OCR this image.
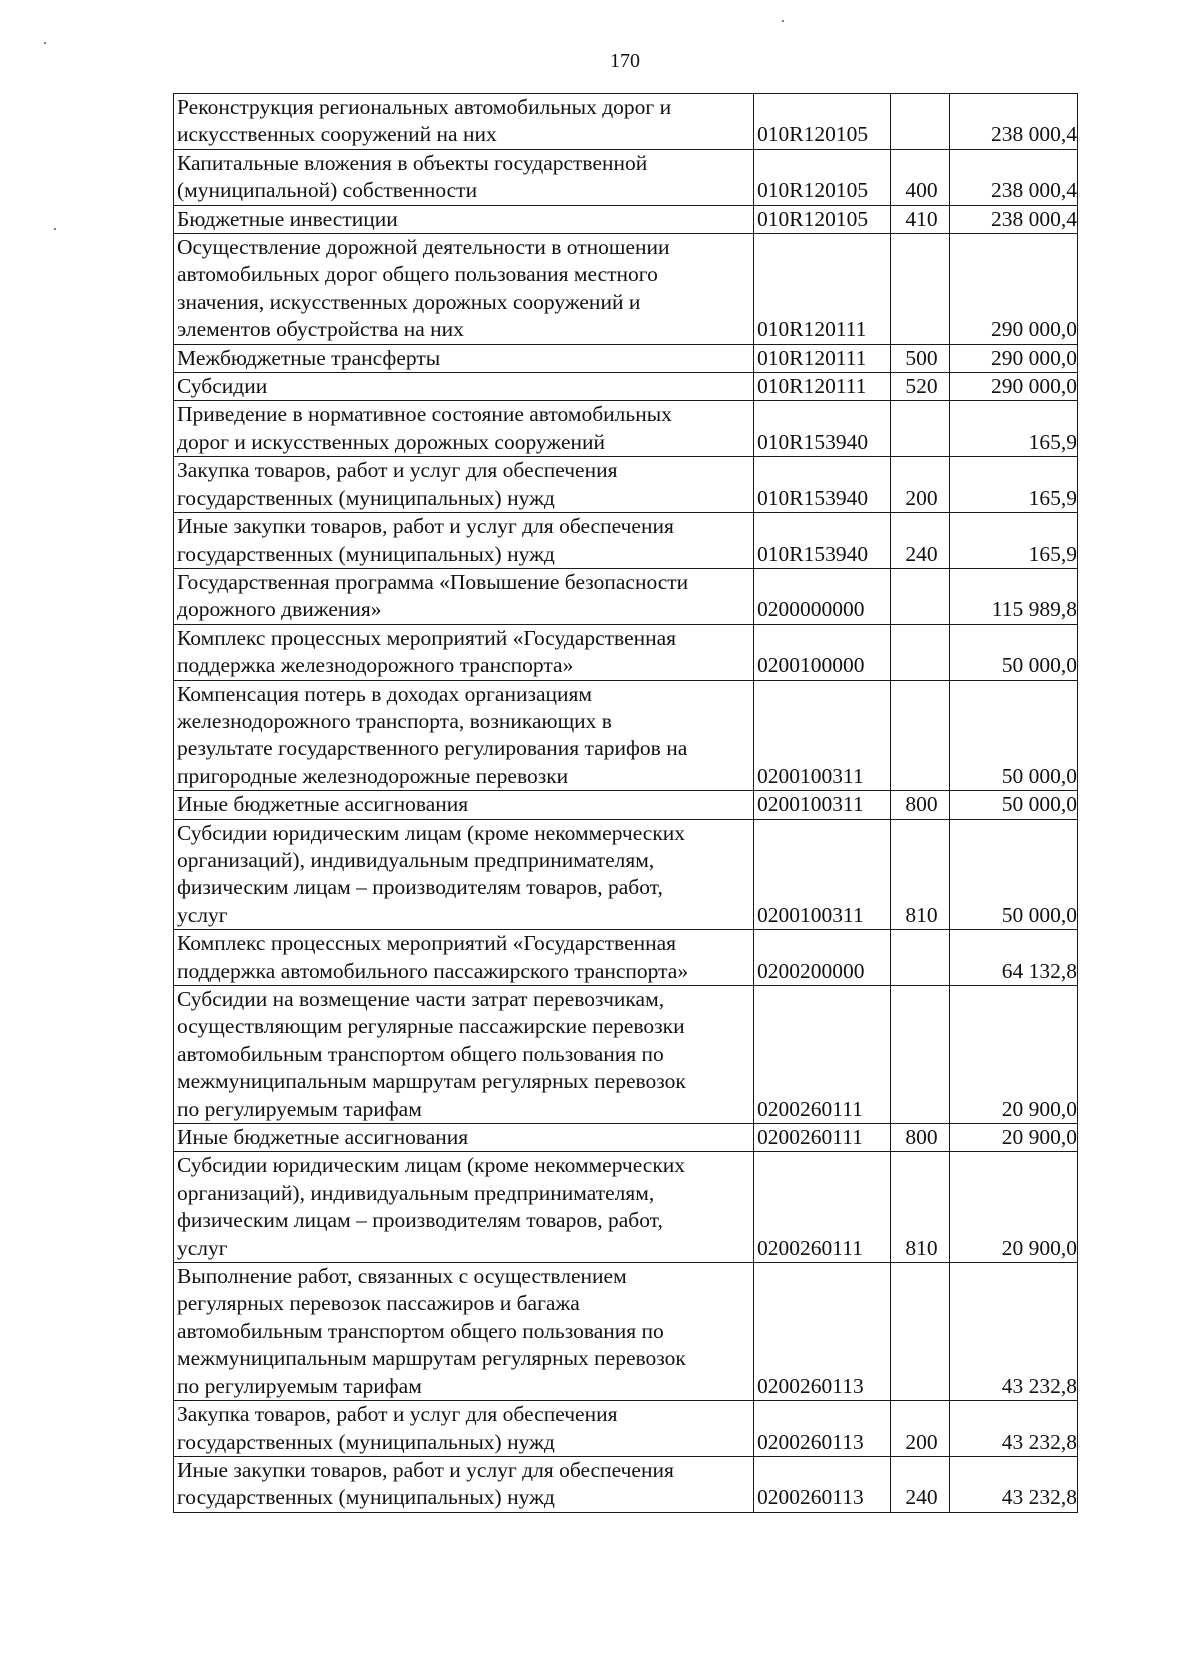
170
Реконструкция региональных автомобильных дорог и
искусственных сооружений на них	010R120105		238 000,4

Капитальные вложения в объекты государственной
(муниципальной) собственности	010R120105	400	238 000,4

Бюджетные инвестиции	010R120105	410	238 000,4

Осуществление дорожной деятельности в отношении
автомобильных дорог общего пользования местного
значения, искусственных дорожных сооружений и
элементов обустройства на них	010R120111		290 000,0

Межбюджетные трансферты	010R120111	500	290 000,0

Субсидии	010R120111	520	290 000,0

Приведение в нормативное состояние автомобильных
дорог и искусственных дорожных сооружений	010R153940		165,9

Закупка товаров, работ и услуг для обеспечения
государственных (муниципальных) нужд	010R153940	200	165,9

Иные закупки товаров, работ и услуг для обеспечения
государственных (муниципальных) нужд	010R153940	240	165,9

Государственная программа «Повышение безопасности
дорожного движения»	0200000000		115 989,8

Комплекс процессных мероприятий «Государственная
поддержка железнодорожного транспорта»	0200100000		50 000,0

Компенсация потерь в доходах организациям
железнодорожного транспорта, возникающих в
результате государственного регулирования тарифов на
пригородные железнодорожные перевозки	0200100311		50 000,0

Иные бюджетные ассигнования	0200100311	800	50 000,0

Субсидии юридическим лицам (кроме некоммерческих
организаций), индивидуальным предпринимателям,
физическим лицам – производителям товаров, работ,
услуг	0200100311	810	50 000,0

Комплекс процессных мероприятий «Государственная
поддержка автомобильного пассажирского транспорта»	0200200000		64 132,8

Субсидии на возмещение части затрат перевозчикам,
осуществляющим регулярные пассажирские перевозки
автомобильным транспортом общего пользования по
межмуниципальным маршрутам регулярных перевозок
по регулируемым тарифам	0200260111		20 900,0

Иные бюджетные ассигнования	0200260111	800	20 900,0

Субсидии юридическим лицам (кроме некоммерческих
организаций), индивидуальным предпринимателям,
физическим лицам – производителям товаров, работ,
услуг	0200260111	810	20 900,0

Выполнение работ, связанных с осуществлением
регулярных перевозок пассажиров и багажа
автомобильным транспортом общего пользования по
межмуниципальным маршрутам регулярных перевозок
по регулируемым тарифам	0200260113		43 232,8

Закупка товаров, работ и услуг для обеспечения
государственных (муниципальных) нужд	0200260113	200	43 232,8

Иные закупки товаров, работ и услуг для обеспечения
государственных (муниципальных) нужд	0200260113	240	43 232,8
